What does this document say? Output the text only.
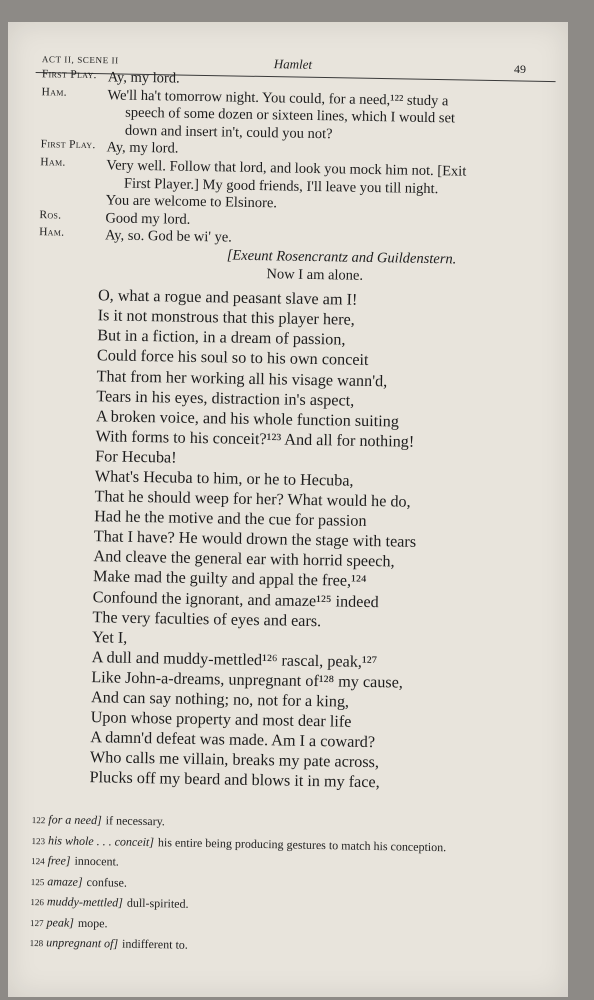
ACT II, SCENE II	Hamlet	49
First Play. Ay, my lord.
Ham.	We'll ha't tomorrow night. You could, for a need,¹²² study a
speech of some dozen or sixteen lines, which I would set
down and insert in't, could you not?
First Play. Ay, my lord.
Ham.	Very well. Follow that lord, and look you mock him not. [Exit
First Player.] My good friends, I'll leave you till night.
You are welcome to Elsinore.
Ros.	Good my lord.
Ham.	Ay, so. God be wi' ye.
[Exeunt Rosencrantz and Guildenstern.
Now I am alone.
O, what a rogue and peasant slave am I!
Is it not monstrous that this player here,
But in a fiction, in a dream of passion,
Could force his soul so to his own conceit
That from her working all his visage wann'd,
Tears in his eyes, distraction in's aspect,
A broken voice, and his whole function suiting
With forms to his conceit?¹²³ And all for nothing!
For Hecuba!
What's Hecuba to him, or he to Hecuba,
That he should weep for her? What would he do,
Had he the motive and the cue for passion
That I have? He would drown the stage with tears
And cleave the general ear with horrid speech,
Make mad the guilty and appal the free,¹²⁴
Confound the ignorant, and amaze¹²⁵ indeed
The very faculties of eyes and ears.
Yet I,
A dull and muddy-mettled¹²⁶ rascal, peak,¹²⁷
Like John-a-dreams, unpregnant of¹²⁸ my cause,
And can say nothing; no, not for a king,
Upon whose property and most dear life
A damn'd defeat was made. Am I a coward?
Who calls me villain, breaks my pate across,
Plucks off my beard and blows it in my face,
122 for a need] if necessary.
123 his whole . . . conceit] his entire being producing gestures to match his conception.
124 free] innocent.
125 amaze] confuse.
126 muddy-mettled] dull-spirited.
127 peak] mope.
128 unpregnant of] indifferent to.
